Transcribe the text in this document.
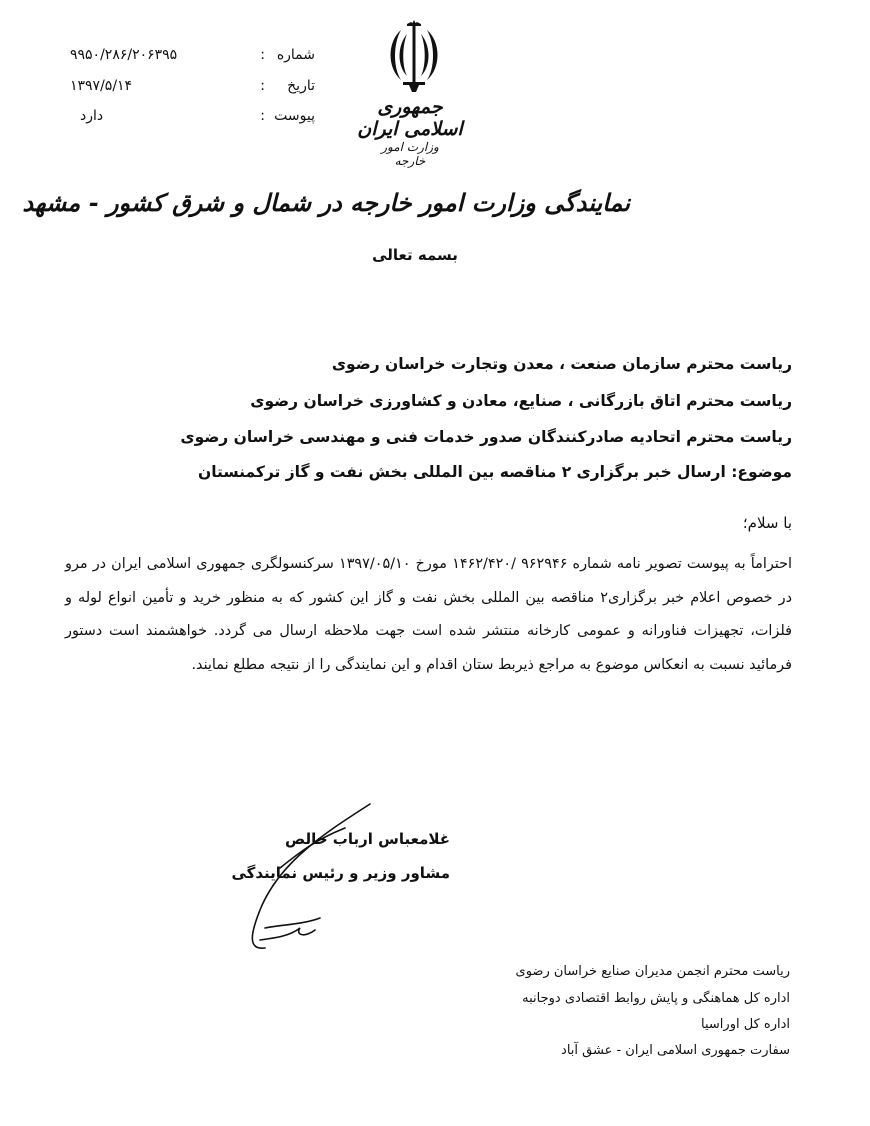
شماره
:
۹۹۵۰/۲۸۶/۲۰۶۳۹۵
تاریخ
:
۱۳۹۷/۵/۱۴
پیوست
:
دارد	جمهوری اسلامی ایران
وزارت امور خارجه
نمایندگی وزارت امور خارجه در شمال و شرق کشور - مشهد
بسمه تعالی
ریاست محترم سازمان صنعت ، معدن وتجارت خراسان رضوی
ریاست محترم اتاق بازرگانی ، صنایع، معادن و کشاورزی خراسان رضوی
ریاست محترم اتحادیه صادرکنندگان صدور خدمات فنی و مهندسی خراسان رضوی
موضوع: ارسال خبر برگزاری ۲ مناقصه بین المللی بخش نفت و گاز ترکمنستان
با سلام؛
احتراماً به پیوست تصویر نامه شماره ۹۶۲۹۴۶ /۱۴۶۲/۴۲۰ مورخ ۱۳۹۷/۰۵/۱۰ سرکنسولگری جمهوری اسلامی ایران در مرو در خصوص اعلام خبر برگزاری۲ مناقصه بین المللی بخش نفت و گاز این کشور که به منظور خرید و تأمین انواع لوله و فلزات، تجهیزات فناورانه و عمومی کارخانه منتشر شده است جهت ملاحظه ارسال می گردد. خواهشمند است دستور فرمائید نسبت به انعکاس موضوع به مراجع ذیربط ستان اقدام و این نمایندگی را از نتیجه مطلع نمایند.
غلامعباس ارباب خالص
مشاور وزیر و رئیس نمایندگی
ریاست محترم انجمن مدیران صنایع خراسان رضوی
اداره کل هماهنگی و پایش روابط اقتصادی دوجانبه
اداره کل اوراسیا
سفارت جمهوری اسلامی ایران - عشق آباد
